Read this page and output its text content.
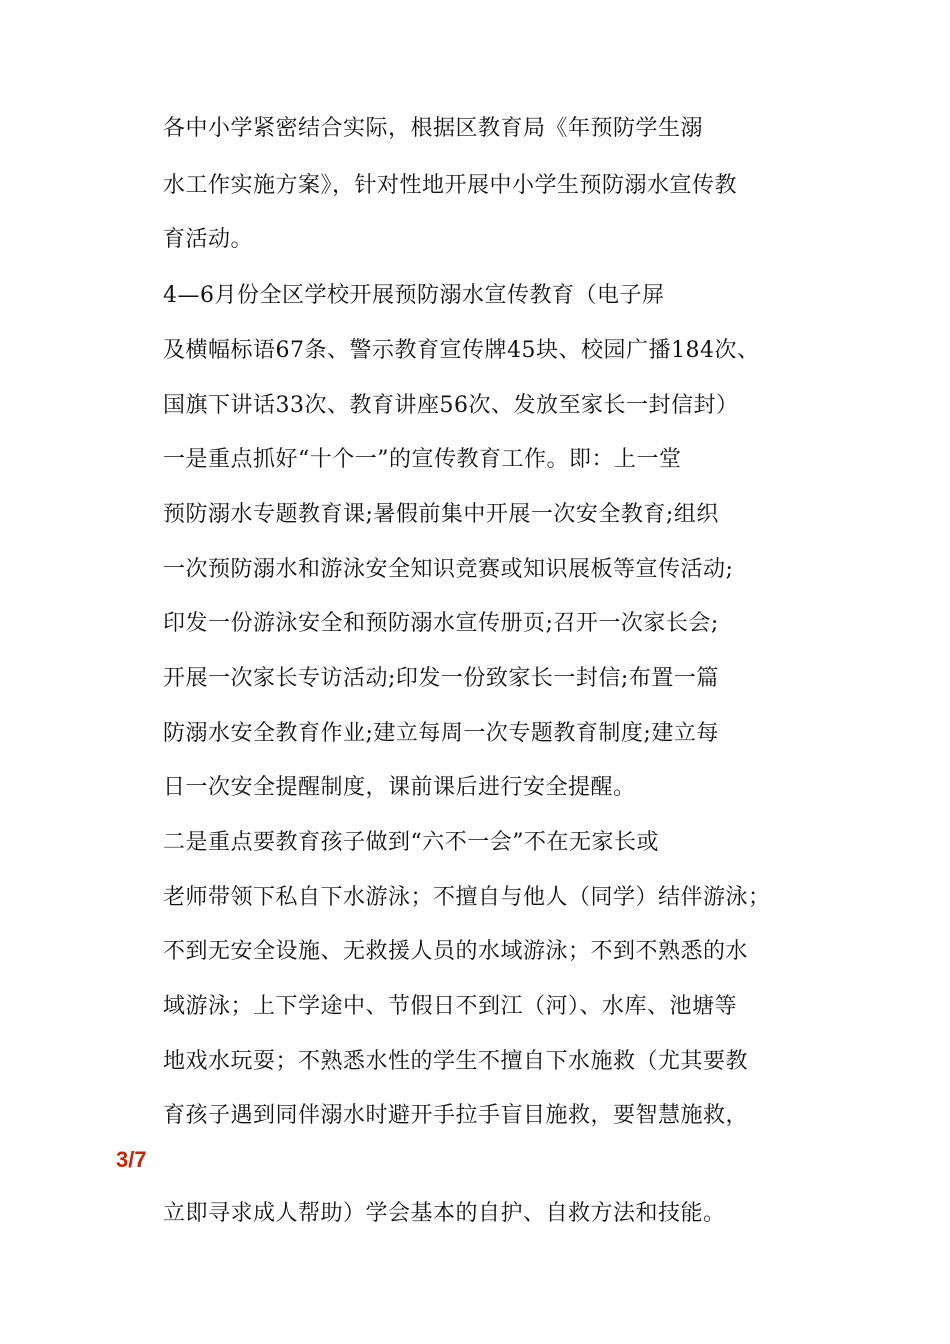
各中小学紧密结合实际，根据区教育局《年预防学生溺
水工作实施方案》，针对性地开展中小学生预防溺水宣传教
育活动。
4—6月份全区学校开展预防溺水宣传教育（电子屏
及横幅标语67条、警示教育宣传牌45块、校园广播184次、
国旗下讲话33次、教育讲座56次、发放至家长一封信封）
一是重点抓好“十个一”的宣传教育工作。即：上一堂
预防溺水专题教育课;暑假前集中开展一次安全教育;组织
一次预防溺水和游泳安全知识竞赛或知识展板等宣传活动;
印发一份游泳安全和预防溺水宣传册页;召开一次家长会;
开展一次家长专访活动;印发一份致家长一封信;布置一篇
防溺水安全教育作业;建立每周一次专题教育制度;建立每
日一次安全提醒制度，课前课后进行安全提醒。
二是重点要教育孩子做到“六不一会”不在无家长或
老师带领下私自下水游泳；不擅自与他人（同学）结伴游泳；
不到无安全设施、无救援人员的水域游泳；不到不熟悉的水
域游泳；上下学途中、节假日不到江（河）、水库、池塘等
地戏水玩耍；不熟悉水性的学生不擅自下水施救（尤其要教
育孩子遇到同伴溺水时避开手拉手盲目施救，要智慧施救，
3/7
立即寻求成人帮助）学会基本的自护、自救方法和技能。
